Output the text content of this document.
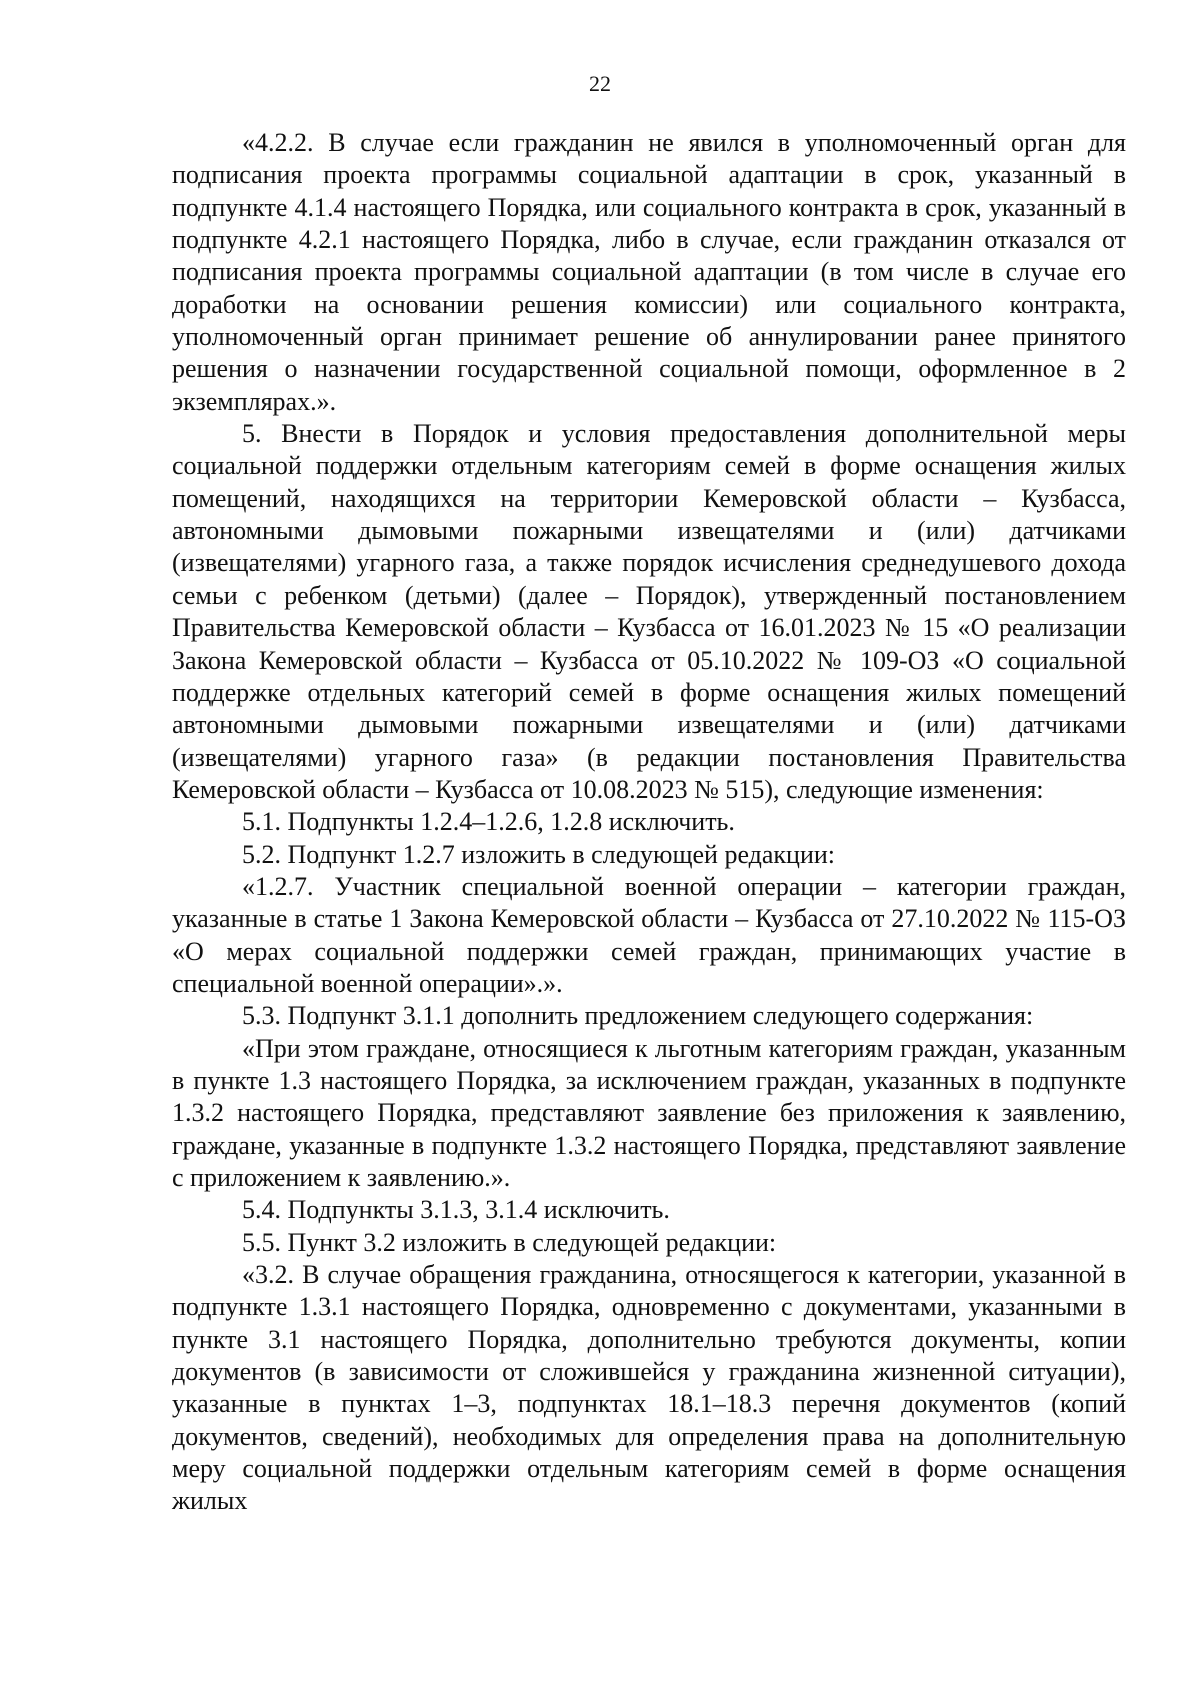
22

«4.2.2. В случае если гражданин не явился в уполномоченный орган для подписания проекта программы социальной адаптации в срок, указанный в подпункте 4.1.4 настоящего Порядка, или социального контракта в срок, указанный в подпункте 4.2.1 настоящего Порядка, либо в случае, если гражданин отказался от подписания проекта программы социальной адаптации (в том числе в случае его доработки на основании решения комиссии) или социального контракта, уполномоченный орган принимает решение об аннулировании ранее принятого решения о назначении государственной социальной помощи, оформленное в 2 экземплярах.».

5. Внести в Порядок и условия предоставления дополнительной меры социальной поддержки отдельным категориям семей в форме оснащения жилых помещений, находящихся на территории Кемеровской области – Кузбасса, автономными дымовыми пожарными извещателями и (или) датчиками (извещателями) угарного газа, а также порядок исчисления среднедушевого дохода семьи с ребенком (детьми) (далее – Порядок), утвержденный постановлением Правительства Кемеровской области – Кузбасса от 16.01.2023 № 15 «О реализации Закона Кемеровской области – Кузбасса от 05.10.2022 № 109-ОЗ «О социальной поддержке отдельных категорий семей в форме оснащения жилых помещений автономными дымовыми пожарными извещателями и (или) датчиками (извещателями) угарного газа» (в редакции постановления Правительства Кемеровской области – Кузбасса от 10.08.2023 № 515), следующие изменения:

5.1. Подпункты 1.2.4–1.2.6, 1.2.8 исключить.

5.2. Подпункт 1.2.7 изложить в следующей редакции:

«1.2.7. Участник специальной военной операции – категории граждан, указанные в статье 1 Закона Кемеровской области – Кузбасса от 27.10.2022 № 115-ОЗ «О мерах социальной поддержки семей граждан, принимающих участие в специальной военной операции».».

5.3. Подпункт 3.1.1 дополнить предложением следующего содержания:

«При этом граждане, относящиеся к льготным категориям граждан, указанным в пункте 1.3 настоящего Порядка, за исключением граждан, указанных в подпункте 1.3.2 настоящего Порядка, представляют заявление без приложения к заявлению, граждане, указанные в подпункте 1.3.2 настоящего Порядка, представляют заявление с приложением к заявлению.».

5.4. Подпункты 3.1.3, 3.1.4 исключить.

5.5. Пункт 3.2 изложить в следующей редакции:

«3.2. В случае обращения гражданина, относящегося к категории, указанной в подпункте 1.3.1 настоящего Порядка, одновременно с документами, указанными в пункте 3.1 настоящего Порядка, дополнительно требуются документы, копии документов (в зависимости от сложившейся у гражданина жизненной ситуации), указанные в пунктах 1–3, подпунктах 18.1–18.3 перечня документов (копий документов, сведений), необходимых для определения права на дополнительную меру социальной поддержки отдельным категориям семей в форме оснащения жилых
